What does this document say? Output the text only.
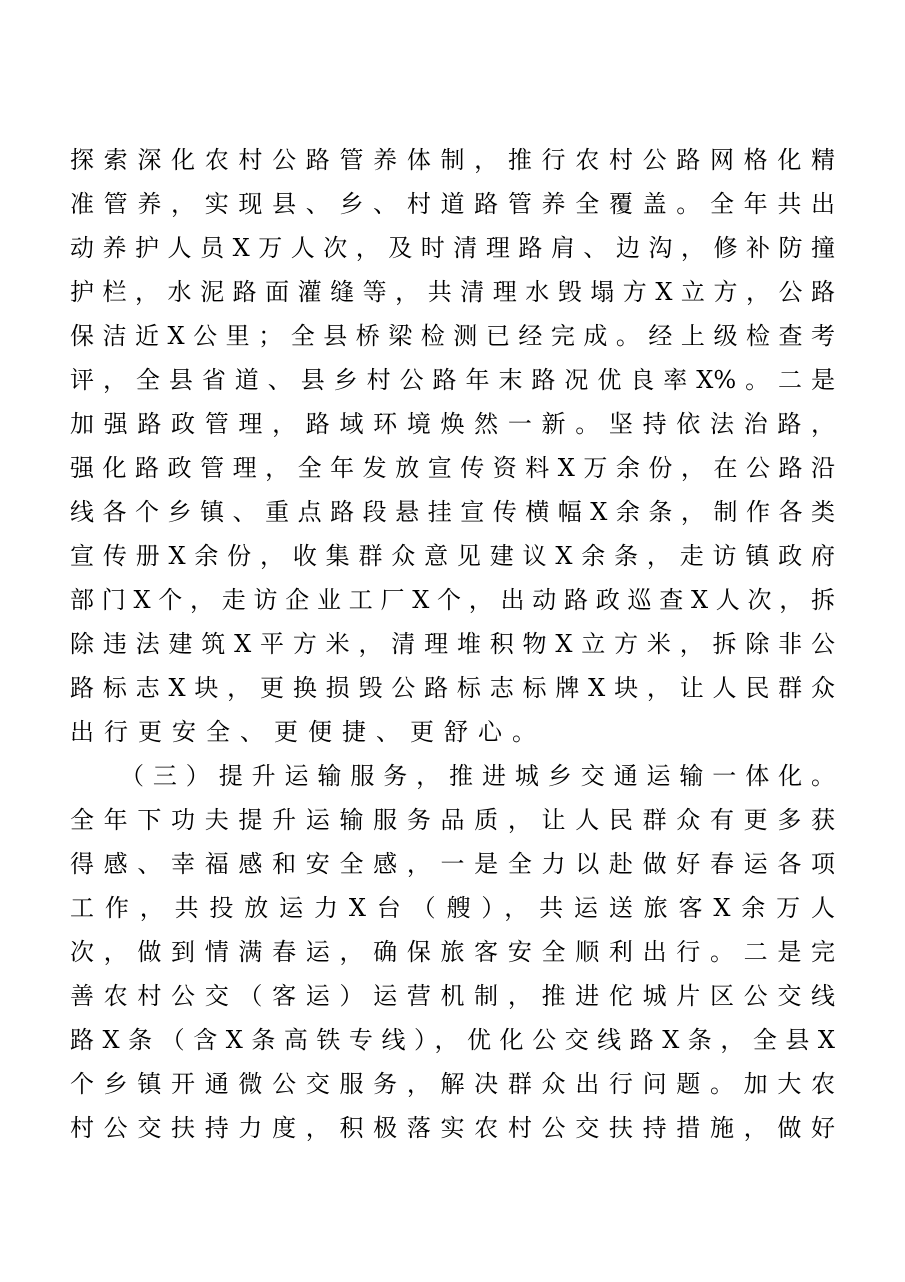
探索深化农村公路管养体制，推行农村公路网格化精
准管养，实现县、乡、村道路管养全覆盖。全年共出
动养护人员X万人次，及时清理路肩、边沟，修补防撞
护栏，水泥路面灌缝等，共清理水毁塌方X立方，公路
保洁近X公里；全县桥梁检测已经完成。经上级检查考
评，全县省道、县乡村公路年末路况优良率X%。二是
加强路政管理，路域环境焕然一新。坚持依法治路，
强化路政管理，全年发放宣传资料X万余份，在公路沿
线各个乡镇、重点路段悬挂宣传横幅X余条，制作各类
宣传册X余份，收集群众意见建议X余条，走访镇政府
部门X个，走访企业工厂X个，出动路政巡查X人次，拆
除违法建筑X平方米，清理堆积物X立方米，拆除非公
路标志X块，更换损毁公路标志标牌X块，让人民群众
出行更安全、更便捷、更舒心。
（三）提升运输服务，推进城乡交通运输一体化。
全年下功夫提升运输服务品质，让人民群众有更多获
得感、幸福感和安全感，一是全力以赴做好春运各项
工作，共投放运力X台（艘），共运送旅客X余万人
次，做到情满春运，确保旅客安全顺利出行。二是完
善农村公交（客运）运营机制，推进佗城片区公交线
路X条（含X条高铁专线），优化公交线路X条，全县X
个乡镇开通微公交服务，解决群众出行问题。加大农
村公交扶持力度，积极落实农村公交扶持措施，做好
